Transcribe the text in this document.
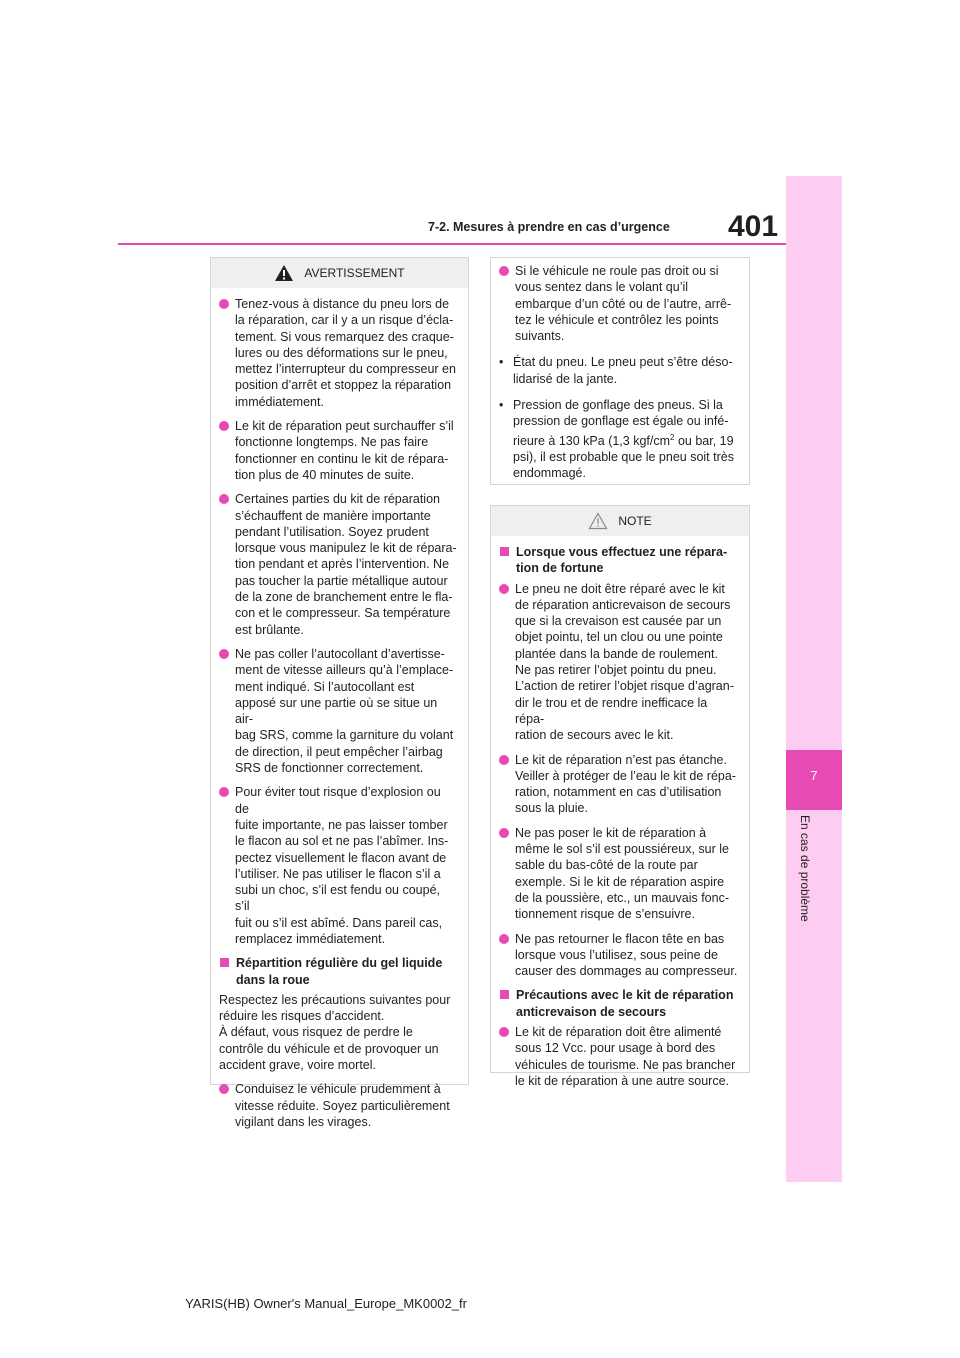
7-2. Mesures à prendre en cas d’urgence 401
7
En cas de problème
AVERTISSEMENT
Tenez-vous à distance du pneu lors de
la réparation, car il y a un risque d’écla-
tement. Si vous remarquez des craque-
lures ou des déformations sur le pneu,
mettez l’interrupteur du compresseur en
position d’arrêt et stoppez la réparation
immédiatement.
Le kit de réparation peut surchauffer s’il
fonctionne longtemps. Ne pas faire
fonctionner en continu le kit de répara-
tion plus de 40 minutes de suite.
Certaines parties du kit de réparation
s’échauffent de manière importante
pendant l’utilisation. Soyez prudent
lorsque vous manipulez le kit de répara-
tion pendant et après l’intervention. Ne
pas toucher la partie métallique autour
de la zone de branchement entre le fla-
con et le compresseur. Sa température
est brûlante.
Ne pas coller l’autocollant d’avertisse-
ment de vitesse ailleurs qu’à l’emplace-
ment indiqué. Si l’autocollant est
apposé sur une partie où se situe un air-
bag SRS, comme la garniture du volant
de direction, il peut empêcher l’airbag
SRS de fonctionner correctement.
Pour éviter tout risque d’explosion ou de
fuite importante, ne pas laisser tomber
le flacon au sol et ne pas l’abîmer. Ins-
pectez visuellement le flacon avant de
l’utiliser. Ne pas utiliser le flacon s’il a
subi un choc, s’il est fendu ou coupé, s’il
fuit ou s’il est abîmé. Dans pareil cas,
remplacez immédiatement.
Répartition régulière du gel liquide
dans la roue
Respectez les précautions suivantes pour
réduire les risques d’accident.
À défaut, vous risquez de perdre le
contrôle du véhicule et de provoquer un
accident grave, voire mortel.
Conduisez le véhicule prudemment à
vitesse réduite. Soyez particulièrement
vigilant dans les virages.
Si le véhicule ne roule pas droit ou si
vous sentez dans le volant qu’il
embarque d’un côté ou de l’autre, arrê-
tez le véhicule et contrôlez les points
suivants.
• État du pneu. Le pneu peut s’être déso-
lidarisé de la jante.
• Pression de gonflage des pneus. Si la
pression de gonflage est égale ou infé-
rieure à 130 kPa (1,3 kgf/$cm^2$ ou bar, 19
psi), il est probable que le pneu soit très
endommagé.
NOTE
Lorsque vous effectuez une répara-
tion de fortune
Le pneu ne doit être réparé avec le kit
de réparation anticrevaison de secours
que si la crevaison est causée par un
objet pointu, tel un clou ou une pointe
plantée dans la bande de roulement.
Ne pas retirer l’objet pointu du pneu.
L’action de retirer l’objet risque d’agran-
dir le trou et de rendre inefficace la répa-
ration de secours avec le kit.
Le kit de réparation n’est pas étanche.
Veiller à protéger de l’eau le kit de répa-
ration, notamment en cas d’utilisation
sous la pluie.
Ne pas poser le kit de réparation à
même le sol s’il est poussiéreux, sur le
sable du bas-côté de la route par
exemple. Si le kit de réparation aspire
de la poussière, etc., un mauvais fonc-
tionnement risque de s’ensuivre.
Ne pas retourner le flacon tête en bas
lorsque vous l’utilisez, sous peine de
causer des dommages au compresseur.
Précautions avec le kit de réparation
anticrevaison de secours
Le kit de réparation doit être alimenté
sous 12 Vcc. pour usage à bord des
véhicules de tourisme. Ne pas brancher
le kit de réparation à une autre source.
YARIS(HB) Owner's Manual_Europe_MK0002_fr
